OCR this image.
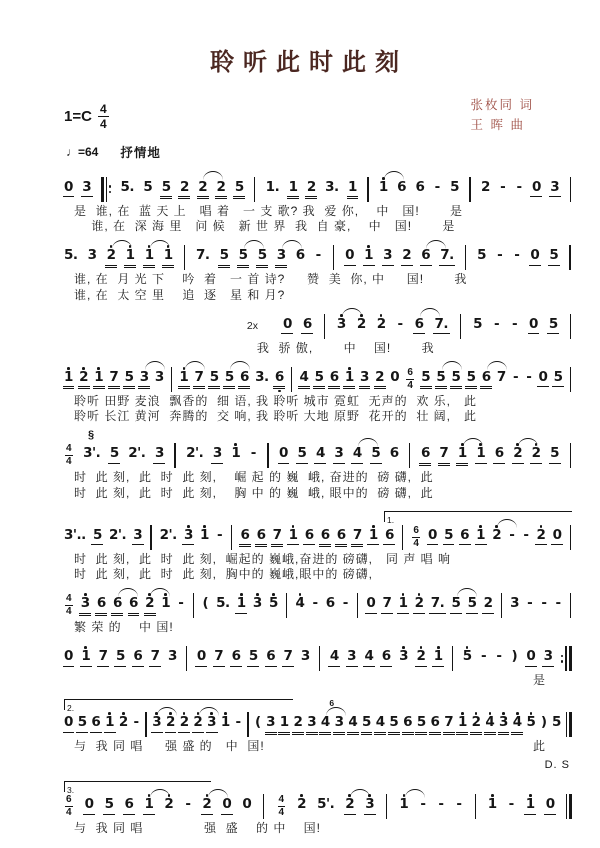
聆听此时此刻
1=C 4
4
张枚同 词
王 晖 曲
♩=64 抒情地
0 3 5. 5 5 2 2 2 5 1. 1 2 3. 1 1 6 6 - 5 2 - - 0 3
是  谁, 在  蓝 天 上   唱 着   一 支 歌? 我  爱 你,    中   国!       是
谁, 在  深 海 里   问 候   新 世 界  我  自 豪,    中   国!       是
5. 3 2 1 1 1 7. 5 5 5 3 6 - 0 1 3 2 6 7. 5 - - 0 5
谁, 在  月 光 下    吟  着   一 首 诗?     赞  美  你, 中     国!       我
谁, 在  太 空 里    追  逐   星 和 月?
2x 0 6 3 2 2 - 6 7. 5 - - 0 5
我  骄 傲,       中    国!       我
1 2 1 7 5 3 3 1 7 5 5 6 3. 6 4 5 6 1 3 2 $0 \frac{6}{4} 5$ 5 5 5 6 7 - - 0 5
聆听 田野 麦浪  飘香的  细 语, 我 聆听 城市 霓虹  无声的  欢 乐,   此
聆听 长江 黄河  奔腾的  交 响, 我 聆听 大地 原野  花开的  壮 阔,   此
§
$\frac{4}{4} 3'$. 5 2'. 3 2'. 3 1 - 0 5 4 3 4 5 6 6 7 1 1 6 2 2 5
时  此 刻,  此  时  此 刻,    崛 起 的 巍  峨, 奋进的  磅 礴,  此
时  此 刻,  此  时  此 刻,    胸 中 的 巍  峨, 眼中的  磅 礴,  此
1.
3'.. 5 2'. 3 2'. 3 1 - 6 6 7 1 6 6 6 7 1 $6 \frac{6}{4} 0$ 5 6 1 2 - - 2 0
时  此 刻,  此  时  此 刻,  崛起的 巍峨,奋进的 磅礴,   同 声 唱 响
时  此 刻,  此  时  此 刻,  胸中的 巍峨,眼中的 磅礴,
$\frac{4}{4} 3$ 6 6 6 2 1 - ( 5. 1 3 5 4 - 6 - 0 7 1 2 7. 5 5 2 3 - - -
繁 荣 的    中 国!
0 1 7 5 6 7 3 0 7 6 5 6 7 3 4 3 4 6 3 2 1 5 - - ) 0 3
是
2.
0 5 6 1 2 - 3 2 2 2 3 1 - ( 3 1 2 3 4
6
3 4 5 4 5 6 5 6 7 1 2 4 3 4 5 ) 5
与  我 同 唱     强 盛 的   中  国!	此
D. S
3.
$\frac{6}{4} 0$ 5 6 1 2 - 2 0 0	$\frac{4}{4} 2$ 5'. 2 3 1 - - - 1 - 1 0
与  我 同 唱              强  盛    的 中    国!
